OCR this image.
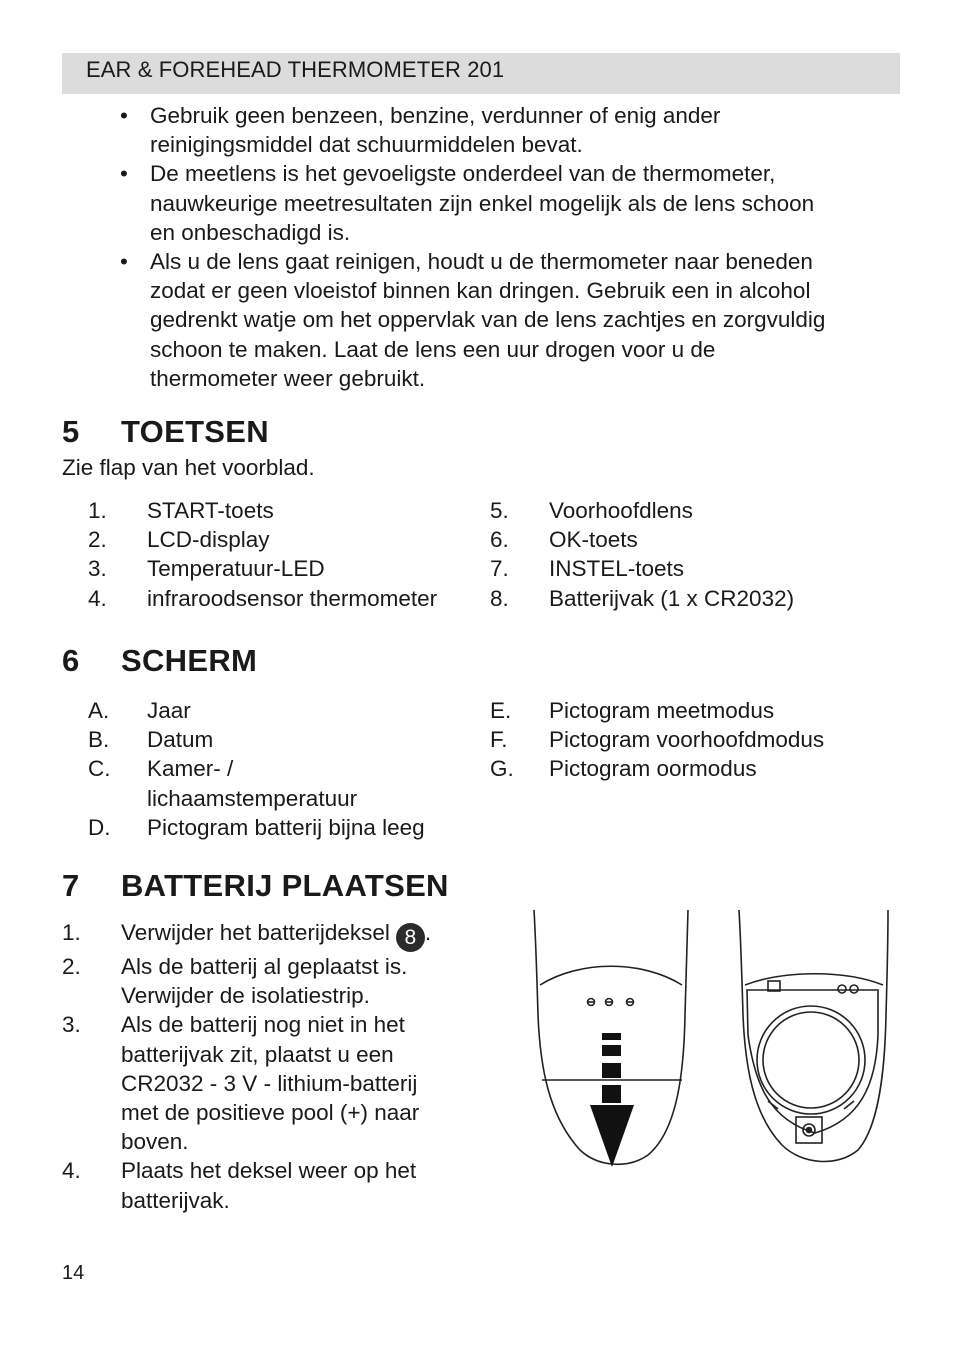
EAR & FOREHEAD THERMOMETER 201
• Gebruik geen benzeen, benzine, verdunner of enig ander
reinigingsmiddel dat schuurmiddelen bevat.
• De meetlens is het gevoeligste onderdeel van de thermometer,
nauwkeurige meetresultaten zijn enkel mogelijk als de lens schoon
en onbeschadigd is.
• Als u de lens gaat reinigen, houdt u de thermometer naar beneden
zodat er geen vloeistof binnen kan dringen. Gebruik een in alcohol
gedrenkt watje om het oppervlak van de lens zachtjes en zorgvuldig
schoon te maken. Laat de lens een uur drogen voor u de
thermometer weer gebruikt.
5 TOETSEN
Zie flap van het voorblad.
1. START-toets
2. LCD-display
3. Temperatuur-LED
4. infraroodsensor thermometer
5. Voorhoofdlens
6. OK-toets
7. INSTEL-toets
8. Batterijvak (1 x CR2032)
6 SCHERM
A. Jaar
B. Datum
C. Kamer- /
lichaamstemperatuur
D. Pictogram batterij bijna leeg
E. Pictogram meetmodus
F. Pictogram voorhoofdmodus
G. Pictogram oormodus
7 BATTERIJ PLAATSEN
1. Verwijder het batterijdeksel 8 .
2. Als de batterij al geplaatst is.
Verwijder de isolatiestrip.
3. Als de batterij nog niet in het
batterijvak zit, plaatst u een
CR2032 - 3 V - lithium-batterij
met de positieve pool (+) naar
boven.
4. Plaats het deksel weer op het
batterijvak.
14
